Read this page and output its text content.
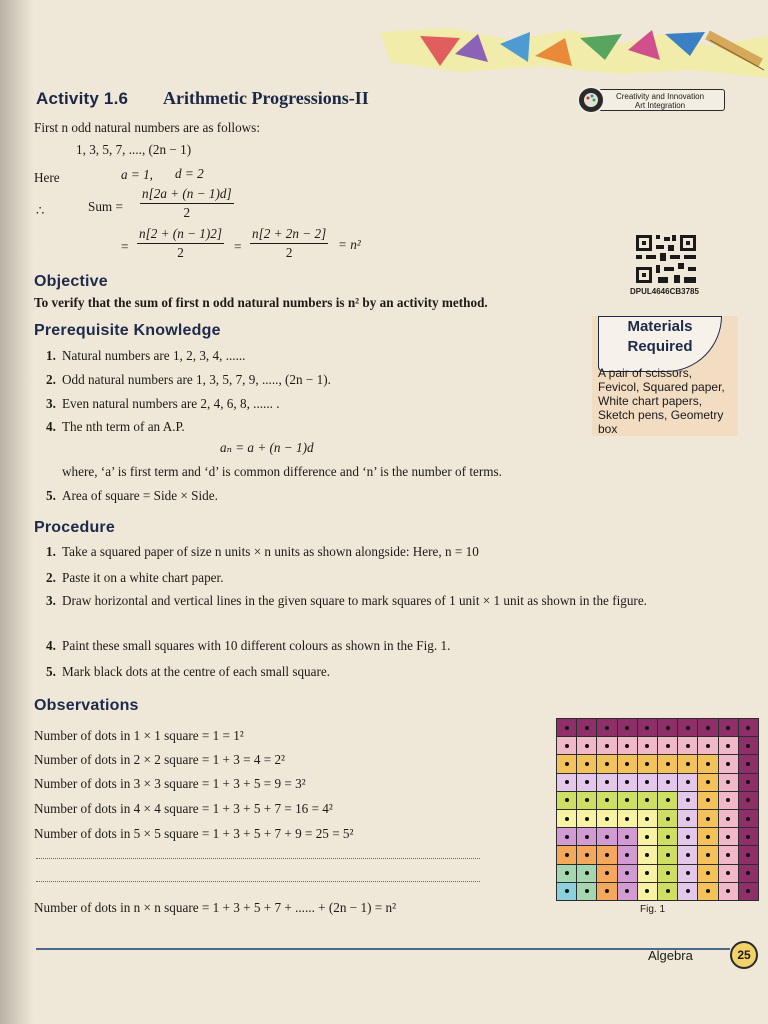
Activity 1.6 Arithmetic Progressions-II	Creativity and Innovation
Art Integration
First n odd natural numbers are as follows:
1, 3, 5, 7, ...., (2n − 1)
Here	a = 1, d = 2
∴	Sum = $\frac{n[2a + (n - 1)d]}{2}$
= $\frac{n[2 + (n - 1)2]}{2} = \frac{n[2 + 2n - 2]}{2} = n^2$
DPUL4646CB3785
Objective
To verify that the sum of first n odd natural numbers is n² by an activity method.
Prerequisite Knowledge
1. Natural numbers are 1, 2, 3, 4, ......
2. Odd natural numbers are 1, 3, 5, 7, 9, ....., (2n − 1).
3. Even natural numbers are 2, 4, 6, 8, ...... .
4. The nth term of an A.P.
aₙ = a + (n − 1)d
where, ‘a’ is first term and ‘d’ is common difference and ‘n’ is the number of terms.
5. Area of square = Side × Side.
Materials
Required
A pair of scissors, Fevicol, Squared paper, White chart papers, Sketch pens, Geometry box
Procedure
1. Take a squared paper of size n units × n units as shown alongside: Here, n = 10
2. Paste it on a white chart paper.
3. Draw horizontal and vertical lines in the given square to mark squares of 1 unit × 1 unit as shown in the figure.
4. Paint these small squares with 10 different colours as shown in the Fig. 1.
5. Mark black dots at the centre of each small square.
Observations
Number of dots in 1 × 1 square = 1 = 1²
Number of dots in 2 × 2 square = 1 + 3 = 4 = 2²
Number of dots in 3 × 3 square = 1 + 3 + 5 = 9 = 3²
Number of dots in 4 × 4 square = 1 + 3 + 5 + 7 = 16 = 4²
Number of dots in 5 × 5 square = 1 + 3 + 5 + 7 + 9 = 25 = 5²
Number of dots in n × n square = 1 + 3 + 5 + 7 + ...... + (2n − 1) = n²	Fig. 1
Algebra	25
